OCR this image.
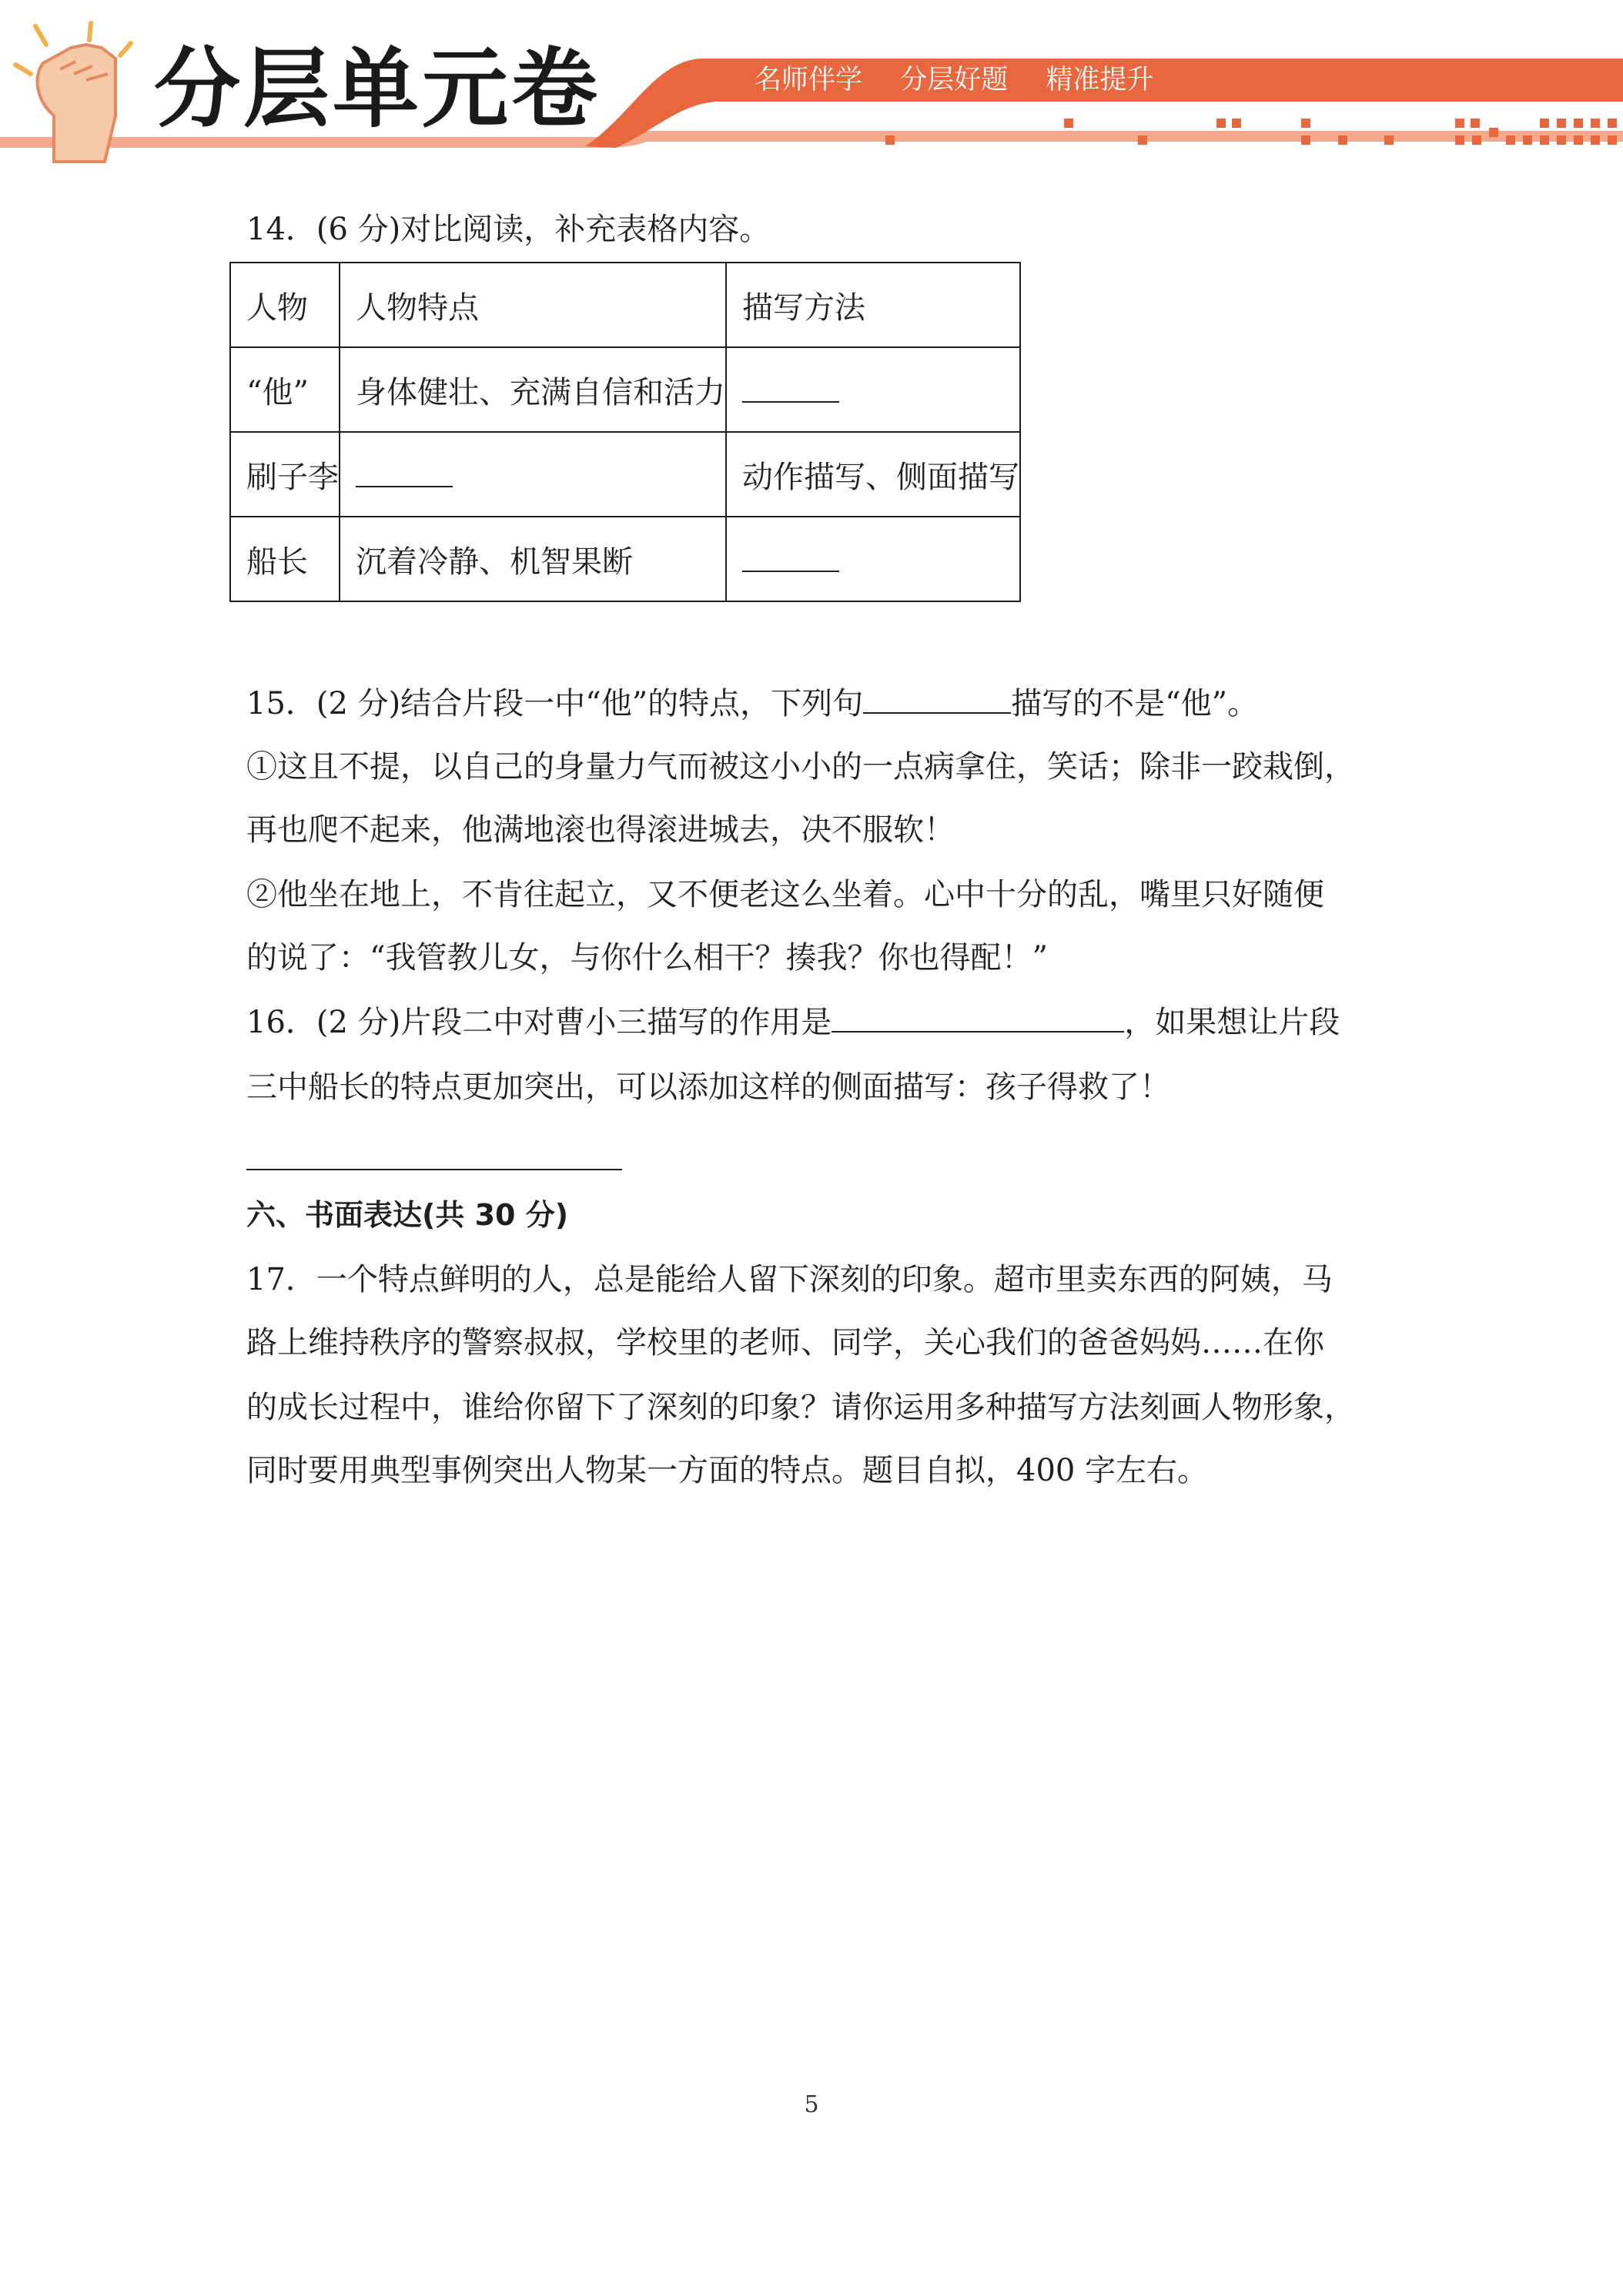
分层单元卷	名师伴学 分层好题 精准提升
14．(6 分)对比阅读，补充表格内容。
人物	人物特点	描写方法
“他”	身体健壮、充满自信和活力	
刷子李		动作描写、侧面描写
船长	沉着冷静、机智果断	
15．(2 分)结合片段一中“他”的特点，下列句	描写的不是“他”。
①这且不提，以自己的身量力气而被这小小的一点病拿住，笑话；除非一跤栽倒，
再也爬不起来，他满地滚也得滚进城去，决不服软！
②他坐在地上，不肯往起立，又不便老这么坐着。心中十分的乱，嘴里只好随便
的说了：“我管教儿女，与你什么相干？揍我？你也得配！”
16．(2 分)片段二中对曹小三描写的作用是	，如果想让片段
三中船长的特点更加突出，可以添加这样的侧面描写：孩子得救了！
六、书面表达(共 30 分)
17．一个特点鲜明的人，总是能给人留下深刻的印象。超市里卖东西的阿姨，马
路上维持秩序的警察叔叔，学校里的老师、同学，关心我们的爸爸妈妈……在你
的成长过程中，谁给你留下了深刻的印象？请你运用多种描写方法刻画人物形象，
同时要用典型事例突出人物某一方面的特点。题目自拟，400 字左右。
5
